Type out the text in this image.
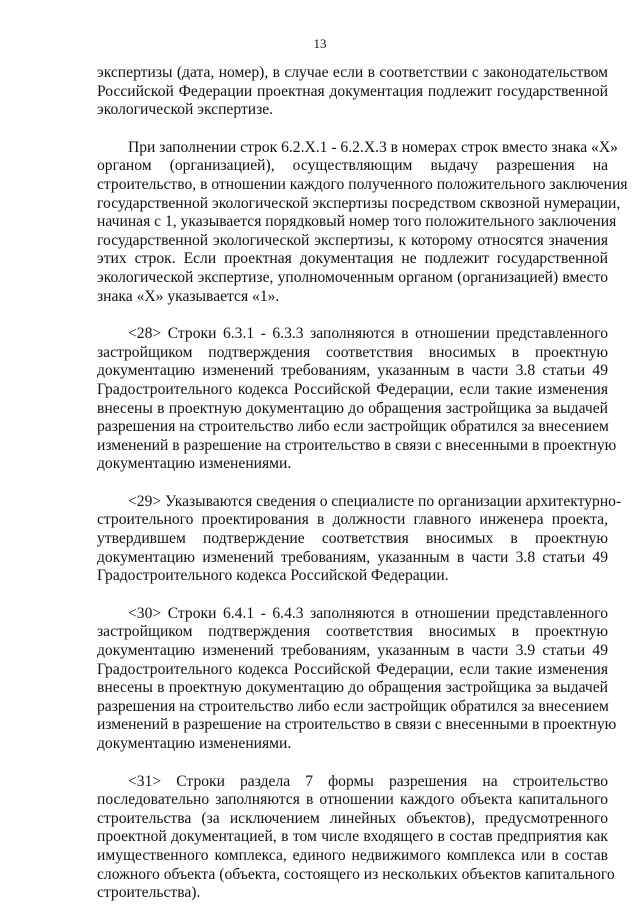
13

экспертизы (дата, номер), в случае если в соответствии с законодательством
Российской Федерации проектная документация подлежит государственной
экологической экспертизе.

При заполнении строк 6.2.Х.1 - 6.2.Х.3 в номерах строк вместо знака «Х»
органом (организацией), осуществляющим выдачу разрешения на
строительство, в отношении каждого полученного положительного заключения
государственной экологической экспертизы посредством сквозной нумерации,
начиная с 1, указывается порядковый номер того положительного заключения
государственной экологической экспертизы, к которому относятся значения
этих строк. Если проектная документация не подлежит государственной
экологической экспертизе, уполномоченным органом (организацией) вместо
знака «Х» указывается «1».

<28> Строки 6.3.1 - 6.3.3 заполняются в отношении представленного
застройщиком подтверждения соответствия вносимых в проектную
документацию изменений требованиям, указанным в части 3.8 статьи 49
Градостроительного кодекса Российской Федерации, если такие изменения
внесены в проектную документацию до обращения застройщика за выдачей
разрешения на строительство либо если застройщик обратился за внесением
изменений в разрешение на строительство в связи с внесенными в проектную
документацию изменениями.

<29> Указываются сведения о специалисте по организации архитектурно-
строительного проектирования в должности главного инженера проекта,
утвердившем подтверждение соответствия вносимых в проектную
документацию изменений требованиям, указанным в части 3.8 статьи 49
Градостроительного кодекса Российской Федерации.

<30> Строки 6.4.1 - 6.4.3 заполняются в отношении представленного
застройщиком подтверждения соответствия вносимых в проектную
документацию изменений требованиям, указанным в части 3.9 статьи 49
Градостроительного кодекса Российской Федерации, если такие изменения
внесены в проектную документацию до обращения застройщика за выдачей
разрешения на строительство либо если застройщик обратился за внесением
изменений в разрешение на строительство в связи с внесенными в проектную
документацию изменениями.

<31> Строки раздела 7 формы разрешения на строительство
последовательно заполняются в отношении каждого объекта капитального
строительства (за исключением линейных объектов), предусмотренного
проектной документацией, в том числе входящего в состав предприятия как
имущественного комплекса, единого недвижимого комплекса или в состав
сложного объекта (объекта, состоящего из нескольких объектов капитального
строительства).
